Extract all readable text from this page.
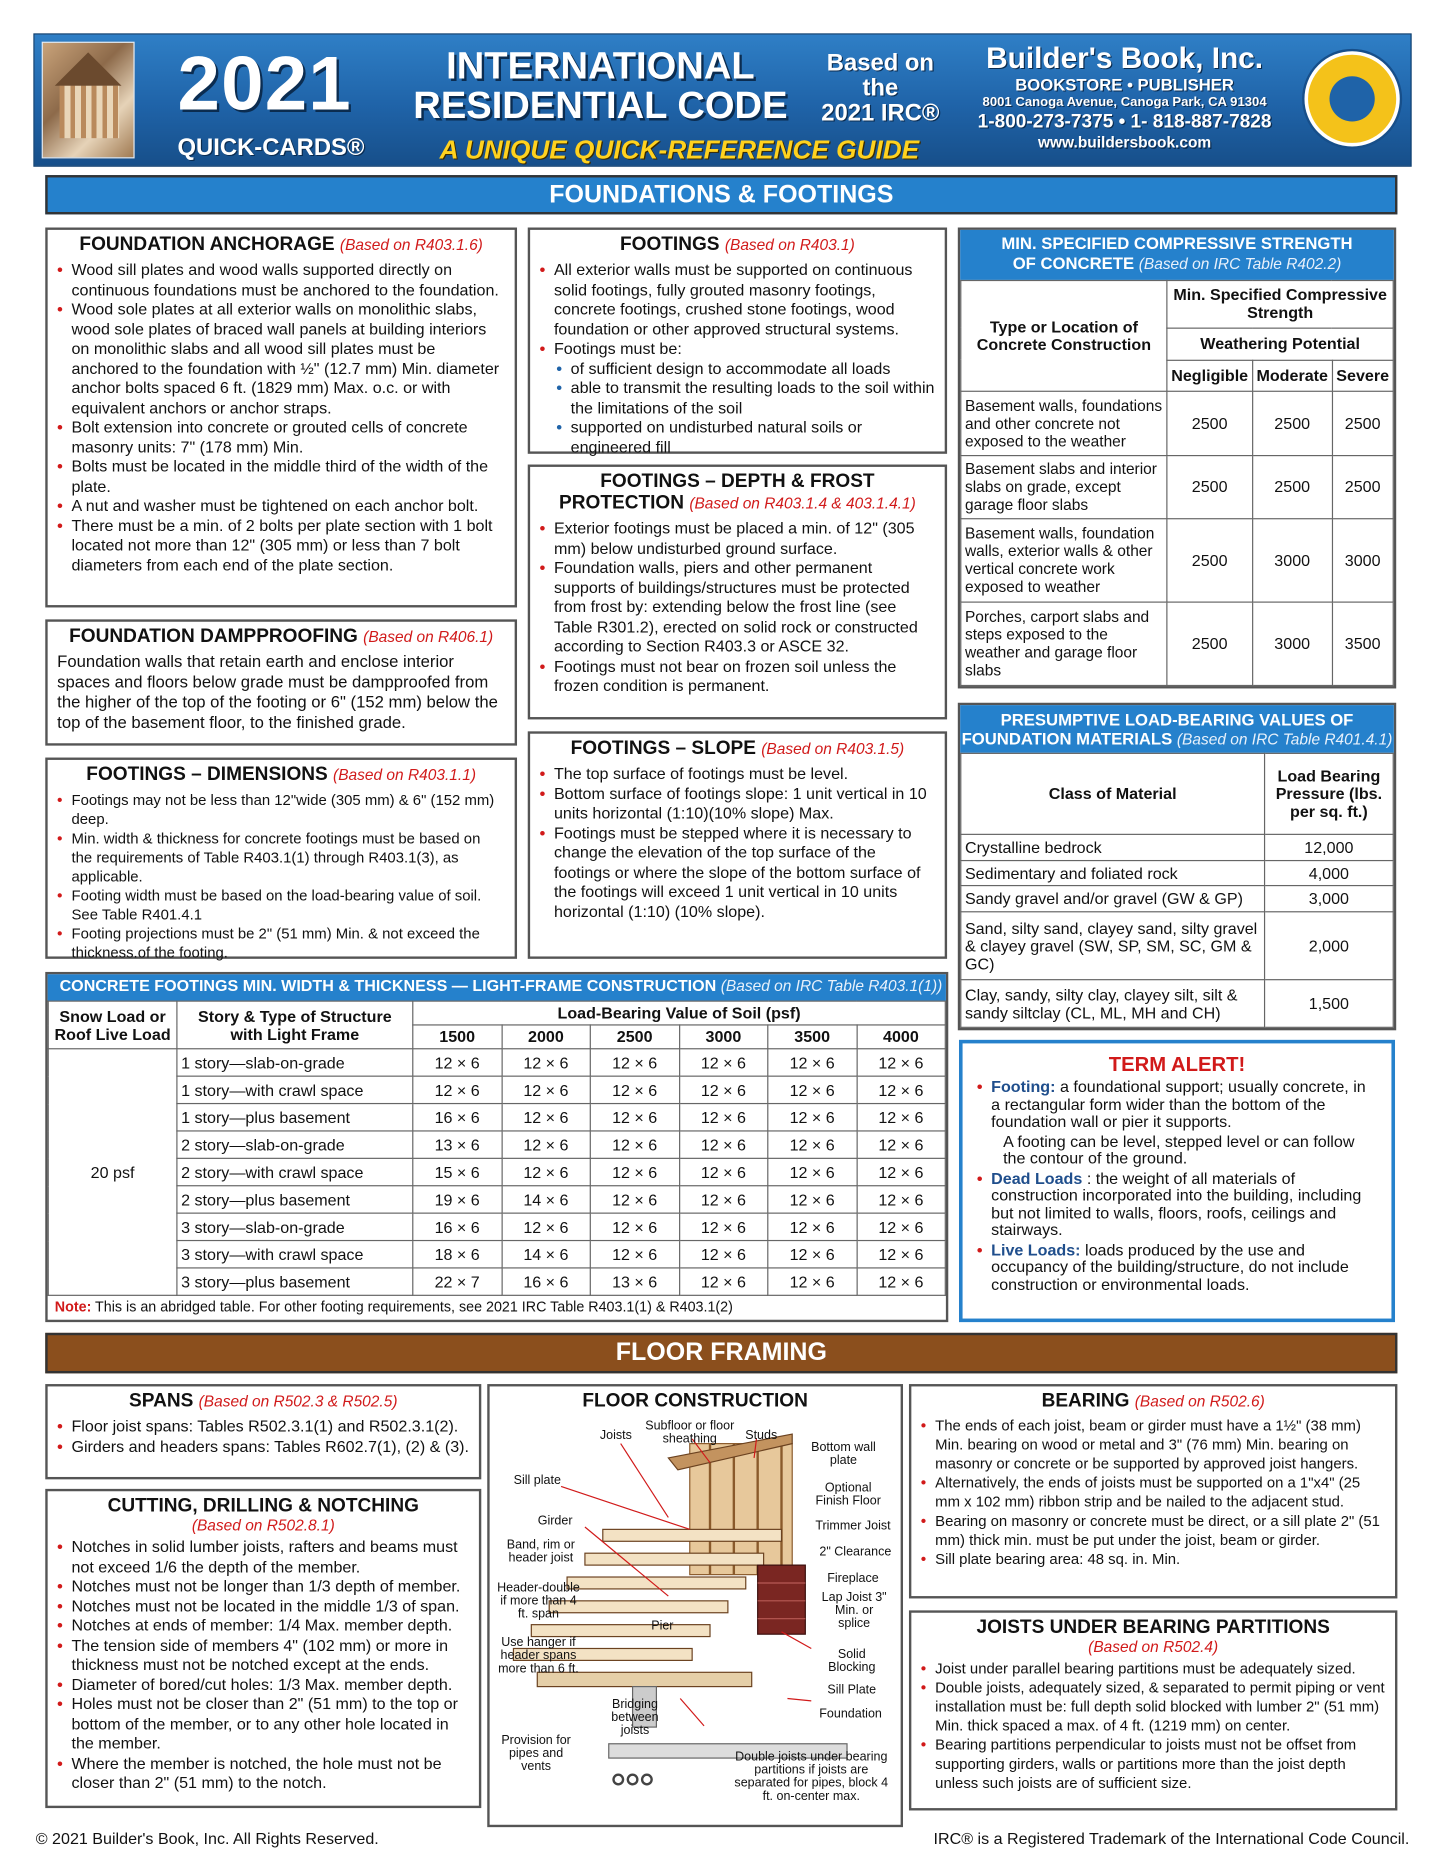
2021
QUICK-CARDS®
INTERNATIONAL
RESIDENTIAL CODE
A UNIQUE QUICK-REFERENCE GUIDE
Based on the
2021 IRC®
Builder's Book, Inc.
BOOKSTORE • PUBLISHER
8001 Canoga Avenue, Canoga Park, CA 91304
1-800-273-7375 • 1- 818-887-7828
www.buildersbook.com
FOUNDATIONS & FOOTINGS
FOUNDATION ANCHORAGE (Based on R403.1.6)
• Wood sill plates and wood walls supported directly on continuous foundations must be anchored to the foundation.
• Wood sole plates at all exterior walls on monolithic slabs, wood sole plates of braced wall panels at building interiors on monolithic slabs and all wood sill plates must be anchored to the foundation with ½" (12.7 mm) Min. diameter anchor bolts spaced 6 ft. (1829 mm) Max. o.c. or with equivalent anchors or anchor straps.
• Bolt extension into concrete or grouted cells of concrete masonry units: 7" (178 mm) Min.
• Bolts must be located in the middle third of the width of the plate.
• A nut and washer must be tightened on each anchor bolt.
• There must be a min. of 2 bolts per plate section with 1 bolt located not more than 12" (305 mm) or less than 7 bolt diameters from each end of the plate section.
FOUNDATION DAMPPROOFING (Based on R406.1)
Foundation walls that retain earth and enclose interior spaces and floors below grade must be dampproofed from the higher of the top of the footing or 6" (152 mm) below the top of the basement floor, to the finished grade.
FOOTINGS – DIMENSIONS (Based on R403.1.1)
• Footings may not be less than 12"wide (305 mm) & 6" (152 mm) deep.
• Min. width & thickness for concrete footings must be based on the requirements of Table R403.1(1) through R403.1(3), as applicable.
• Footing width must be based on the load-bearing value of soil. See Table R401.4.1
• Footing projections must be 2" (51 mm) Min. & not exceed the thickness.of the footing.
FOOTINGS (Based on R403.1)
• All exterior walls must be supported on continuous solid footings, fully grouted masonry footings, concrete footings, crushed stone footings, wood foundation or other approved structural systems.
• Footings must be:
• of sufficient design to accommodate all loads
• able to transmit the resulting loads to the soil within the limitations of the soil
• supported on undisturbed natural soils or engineered fill
FOOTINGS – DEPTH & FROST
PROTECTION (Based on R403.1.4 & 403.1.4.1)
• Exterior footings must be placed a min. of 12" (305 mm) below undisturbed ground surface.
• Foundation walls, piers and other permanent supports of buildings/structures must be protected from frost by: extending below the frost line (see Table R301.2), erected on solid rock or constructed according to Section R403.3 or ASCE 32.
• Footings must not bear on frozen soil unless the frozen condition is permanent.
FOOTINGS – SLOPE (Based on R403.1.5)
• The top surface of footings must be level.
• Bottom surface of footings slope: 1 unit vertical in 10 units horizontal (1:10)(10% slope) Max.
• Footings must be stepped where it is necessary to change the elevation of the top surface of the footings or where the slope of the bottom surface of the footings will exceed 1 unit vertical in 10 units horizontal (1:10) (10% slope).
MIN. SPECIFIED COMPRESSIVE STRENGTH
OF CONCRETE (Based on IRC Table R402.2)
Type or Location of Concrete Construction	Min. Specified Compressive Strength		
	Weathering Potential		
	Negligible	Moderate	Severe
Basement walls, foundations and other concrete not exposed to the weather	2500	2500	2500
Basement slabs and interior slabs on grade, except garage floor slabs	2500	2500	2500
Basement walls, foundation walls, exterior walls & other vertical concrete work exposed to weather	2500	3000	3000
Porches, carport slabs and steps exposed to the weather and garage floor slabs	2500	3000	3500
PRESUMPTIVE LOAD-BEARING VALUES OF
FOUNDATION MATERIALS (Based on IRC Table R401.4.1)
Class of Material	Load Bearing Pressure (lbs. per sq. ft.)
Crystalline bedrock	12,000
Sedimentary and foliated rock	4,000
Sandy gravel and/or gravel (GW & GP)	3,000
Sand, silty sand, clayey sand, silty gravel & clayey gravel (SW, SP, SM, SC, GM & GC)	2,000
Clay, sandy, silty clay, clayey silt, silt & sandy siltclay (CL, ML, MH and CH)	1,500
CONCRETE FOOTINGS MIN. WIDTH & THICKNESS — LIGHT-FRAME CONSTRUCTION (Based on IRC Table R403.1(1))
Snow Load or Roof Live Load	Story & Type of Structure with Light Frame	Load-Bearing Value of Soil (psf)					
		1500	2000	2500	3000	3500	4000
20 psf	1 story—slab-on-grade	12 × 6	12 × 6	12 × 6	12 × 6	12 × 6	12 × 6
	1 story—with crawl space	12 × 6	12 × 6	12 × 6	12 × 6	12 × 6	12 × 6
	1 story—plus basement	16 × 6	12 × 6	12 × 6	12 × 6	12 × 6	12 × 6
	2 story—slab-on-grade	13 × 6	12 × 6	12 × 6	12 × 6	12 × 6	12 × 6
	2 story—with crawl space	15 × 6	12 × 6	12 × 6	12 × 6	12 × 6	12 × 6
	2 story—plus basement	19 × 6	14 × 6	12 × 6	12 × 6	12 × 6	12 × 6
	3 story—slab-on-grade	16 × 6	12 × 6	12 × 6	12 × 6	12 × 6	12 × 6
	3 story—with crawl space	18 × 6	14 × 6	12 × 6	12 × 6	12 × 6	12 × 6
	3 story—plus basement	22 × 7	16 × 6	13 × 6	12 × 6	12 × 6	12 × 6
Note: This is an abridged table. For other footing requirements, see 2021 IRC Table R403.1(1) & R403.1(2)
TERM ALERT!
• Footing: a foundational support; usually concrete, in a rectangular form wider than the bottom of the foundation wall or pier it supports.
A footing can be level, stepped level or can follow the contour of the ground.
• Dead Loads : the weight of all materials of construction incorporated into the building, including but not limited to walls, floors, roofs, ceilings and stairways.
• Live Loads: loads produced by the use and occupancy of the building/structure, do not include construction or environmental loads.
FLOOR FRAMING
SPANS (Based on R502.3 & R502.5)
• Floor joist spans: Tables R502.3.1(1) and R502.3.1(2).
• Girders and headers spans: Tables R602.7(1), (2) & (3).
CUTTING, DRILLING & NOTCHING
(Based on R502.8.1)
• Notches in solid lumber joists, rafters and beams must not exceed 1/6 the depth of the member.
• Notches must not be longer than 1/3 depth of member.
• Notches must not be located in the middle 1/3 of span.
• Notches at ends of member: 1/4 Max. member depth.
• The tension side of members 4" (102 mm) or more in thickness must not be notched except at the ends.
• Diameter of bored/cut holes: 1/3 Max. member depth.
• Holes must not be closer than 2" (51 mm) to the top or bottom of the member, or to any other hole located in the member.
• Where the member is notched, the hole must not be closer than 2" (51 mm) to the notch.
FLOOR CONSTRUCTION
Joists
Subfloor or floor sheathing	Studs
Bottom wall plate
Sill plate	Optional Finish Floor
Girder	Trimmer Joist
Band, rim or header joist	2" Clearance
Header-double if more than 4 ft. span
Fireplace
Lap Joist 3" Min. or splice
Pier
Use hanger if header spans more than 6 ft.
Solid Blocking
Sill Plate
Bridging between joists
Foundation
Provision for pipes and vents
Double joists under bearing partitions if joists are separated for pipes, block 4 ft. on-center max.
BEARING (Based on R502.6)
• The ends of each joist, beam or girder must have a 1½" (38 mm) Min. bearing on wood or metal and 3" (76 mm) Min. bearing on masonry or concrete or be supported by approved joist hangers.
• Alternatively, the ends of joists must be supported on a 1"x4" (25 mm x 102 mm) ribbon strip and be nailed to the adjacent stud.
• Bearing on masonry or concrete must be direct, or a sill plate 2" (51 mm) thick min. must be put under the joist, beam or girder.
• Sill plate bearing area: 48 sq. in. Min.
JOISTS UNDER BEARING PARTITIONS
(Based on R502.4)
• Joist under parallel bearing partitions must be adequately sized.
• Double joists, adequately sized, & separated to permit piping or vent installation must be: full depth solid blocked with lumber 2" (51 mm) Min. thick spaced a max. of 4 ft. (1219 mm) on center.
• Bearing partitions perpendicular to joists must not be offset from supporting girders, walls or partitions more than the joist depth unless such joists are of sufficient size.
© 2021 Builder's Book, Inc. All Rights Reserved.	IRC® is a Registered Trademark of the International Code Council.
